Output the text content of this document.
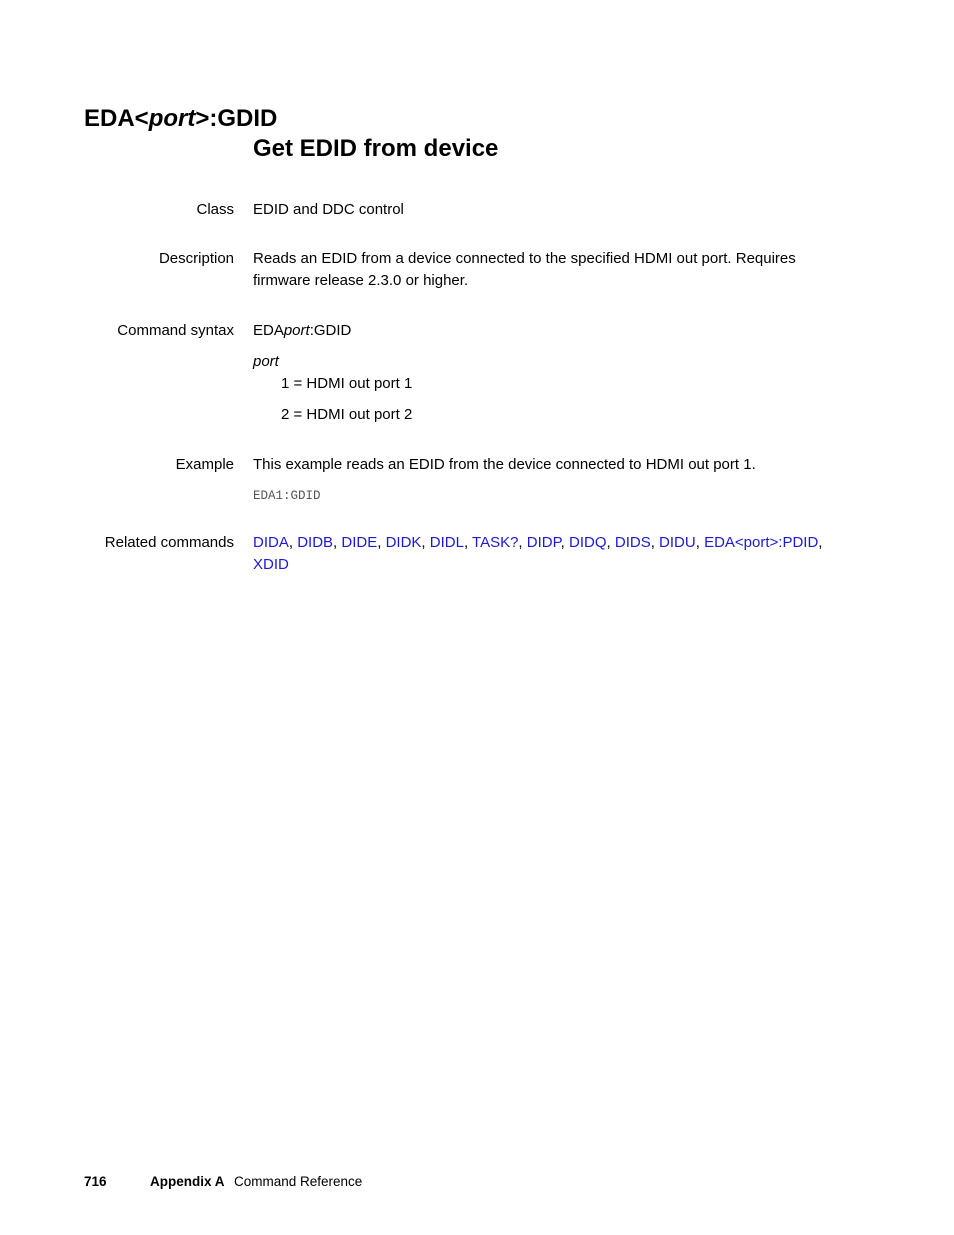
EDA<port>:GDID
Get EDID from device
Class EDID and DDC control
Description Reads an EDID from a device connected to the specified HDMI out port. Requires firmware release 2.3.0 or higher.
Command syntax EDAport:GDID
port
1 = HDMI out port 1
2 = HDMI out port 2
Example This example reads an EDID from the device connected to HDMI out port 1.
EDA1:GDID
Related commands DIDA, DIDB, DIDE, DIDK, DIDL, TASK?, DIDP, DIDQ, DIDS, DIDU, EDA<port>:PDID,
XDID
716	Appendix A Command Reference
